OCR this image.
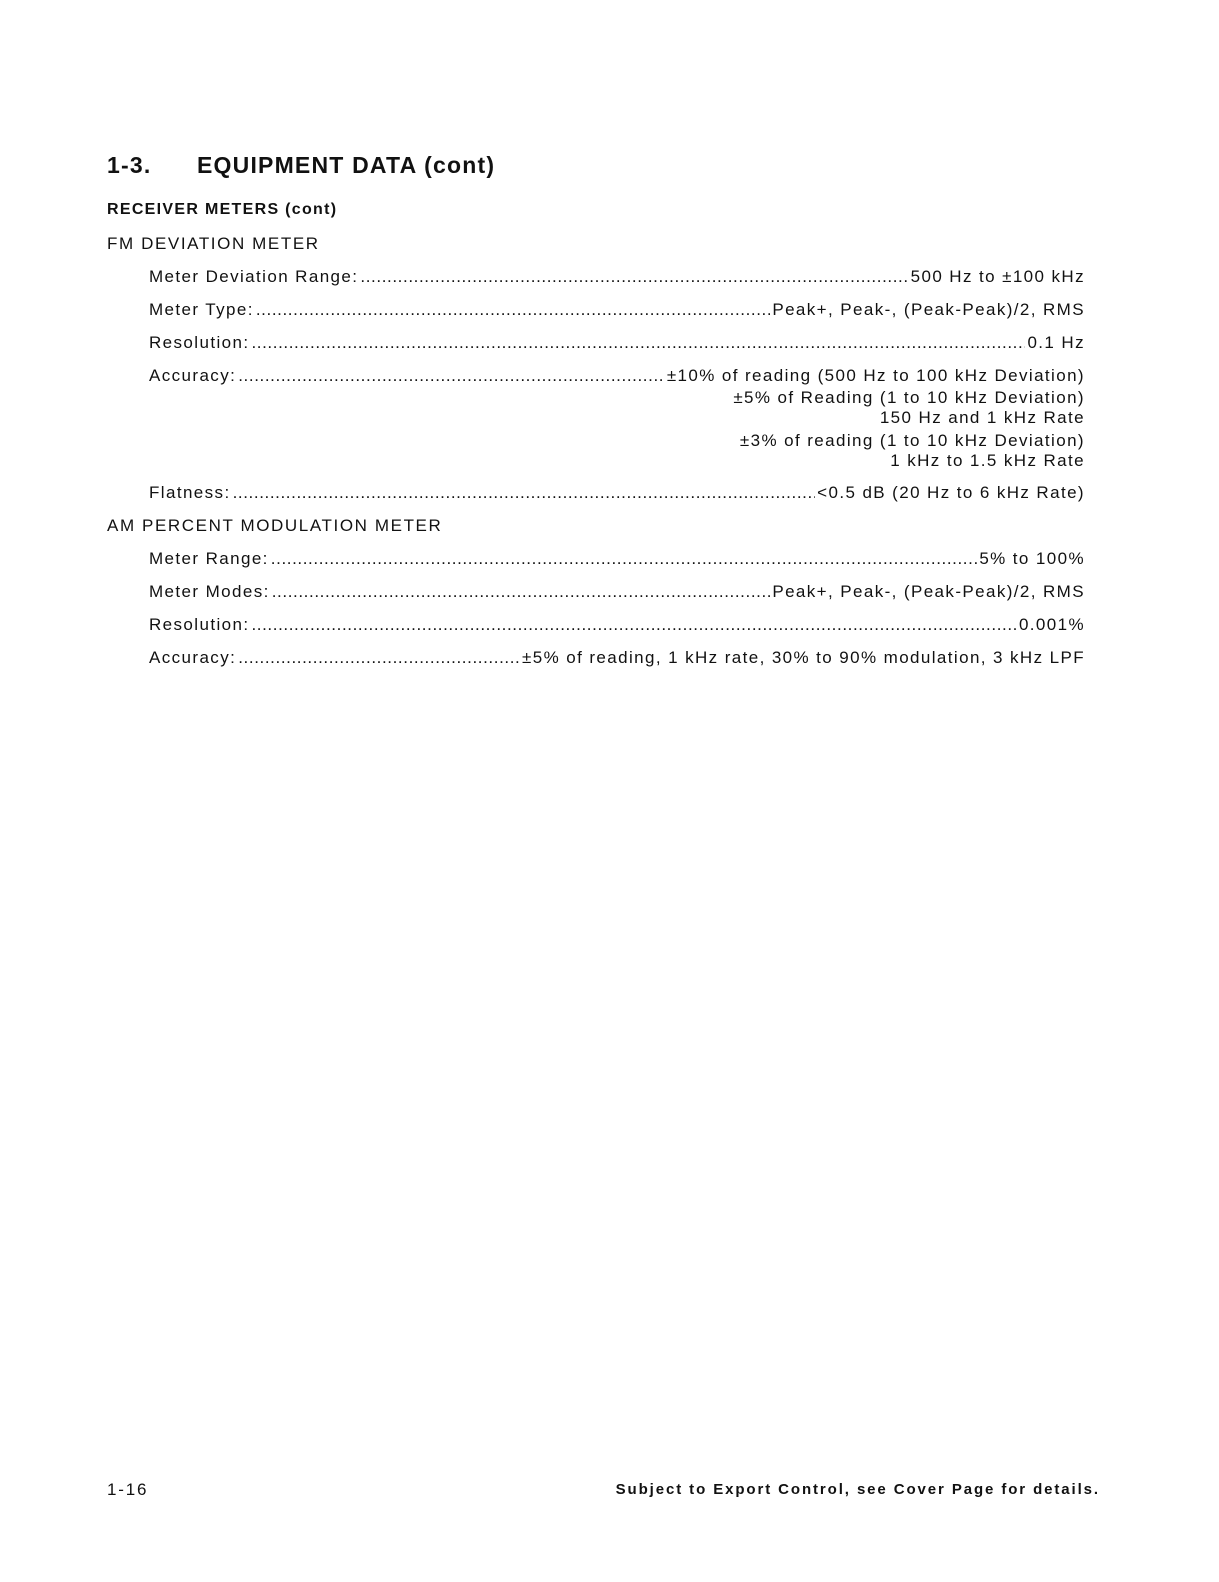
1-3. EQUIPMENT DATA (cont)
RECEIVER METERS (cont)
FM DEVIATION METER
Meter Deviation Range: .....	500 Hz to ±100 kHz
Meter Type: .....	Peak+, Peak-, (Peak-Peak)/2, RMS
Resolution: .....	0.1 Hz
Accuracy: .....	±10% of reading (500 Hz to 100 kHz Deviation)
±5% of Reading (1 to 10 kHz Deviation)
150 Hz and 1 kHz Rate
±3% of reading (1 to 10 kHz Deviation)
1 kHz to 1.5 kHz Rate
Flatness: .....	<0.5 dB (20 Hz to 6 kHz Rate)
AM PERCENT MODULATION METER
Meter Range: .....	5% to 100%
Meter Modes: .....	Peak+, Peak-, (Peak-Peak)/2, RMS
Resolution: .....	0.001%
Accuracy: .....	±5% of reading, 1 kHz rate, 30% to 90% modulation, 3 kHz LPF
1-16	Subject to Export Control, see Cover Page for details.
